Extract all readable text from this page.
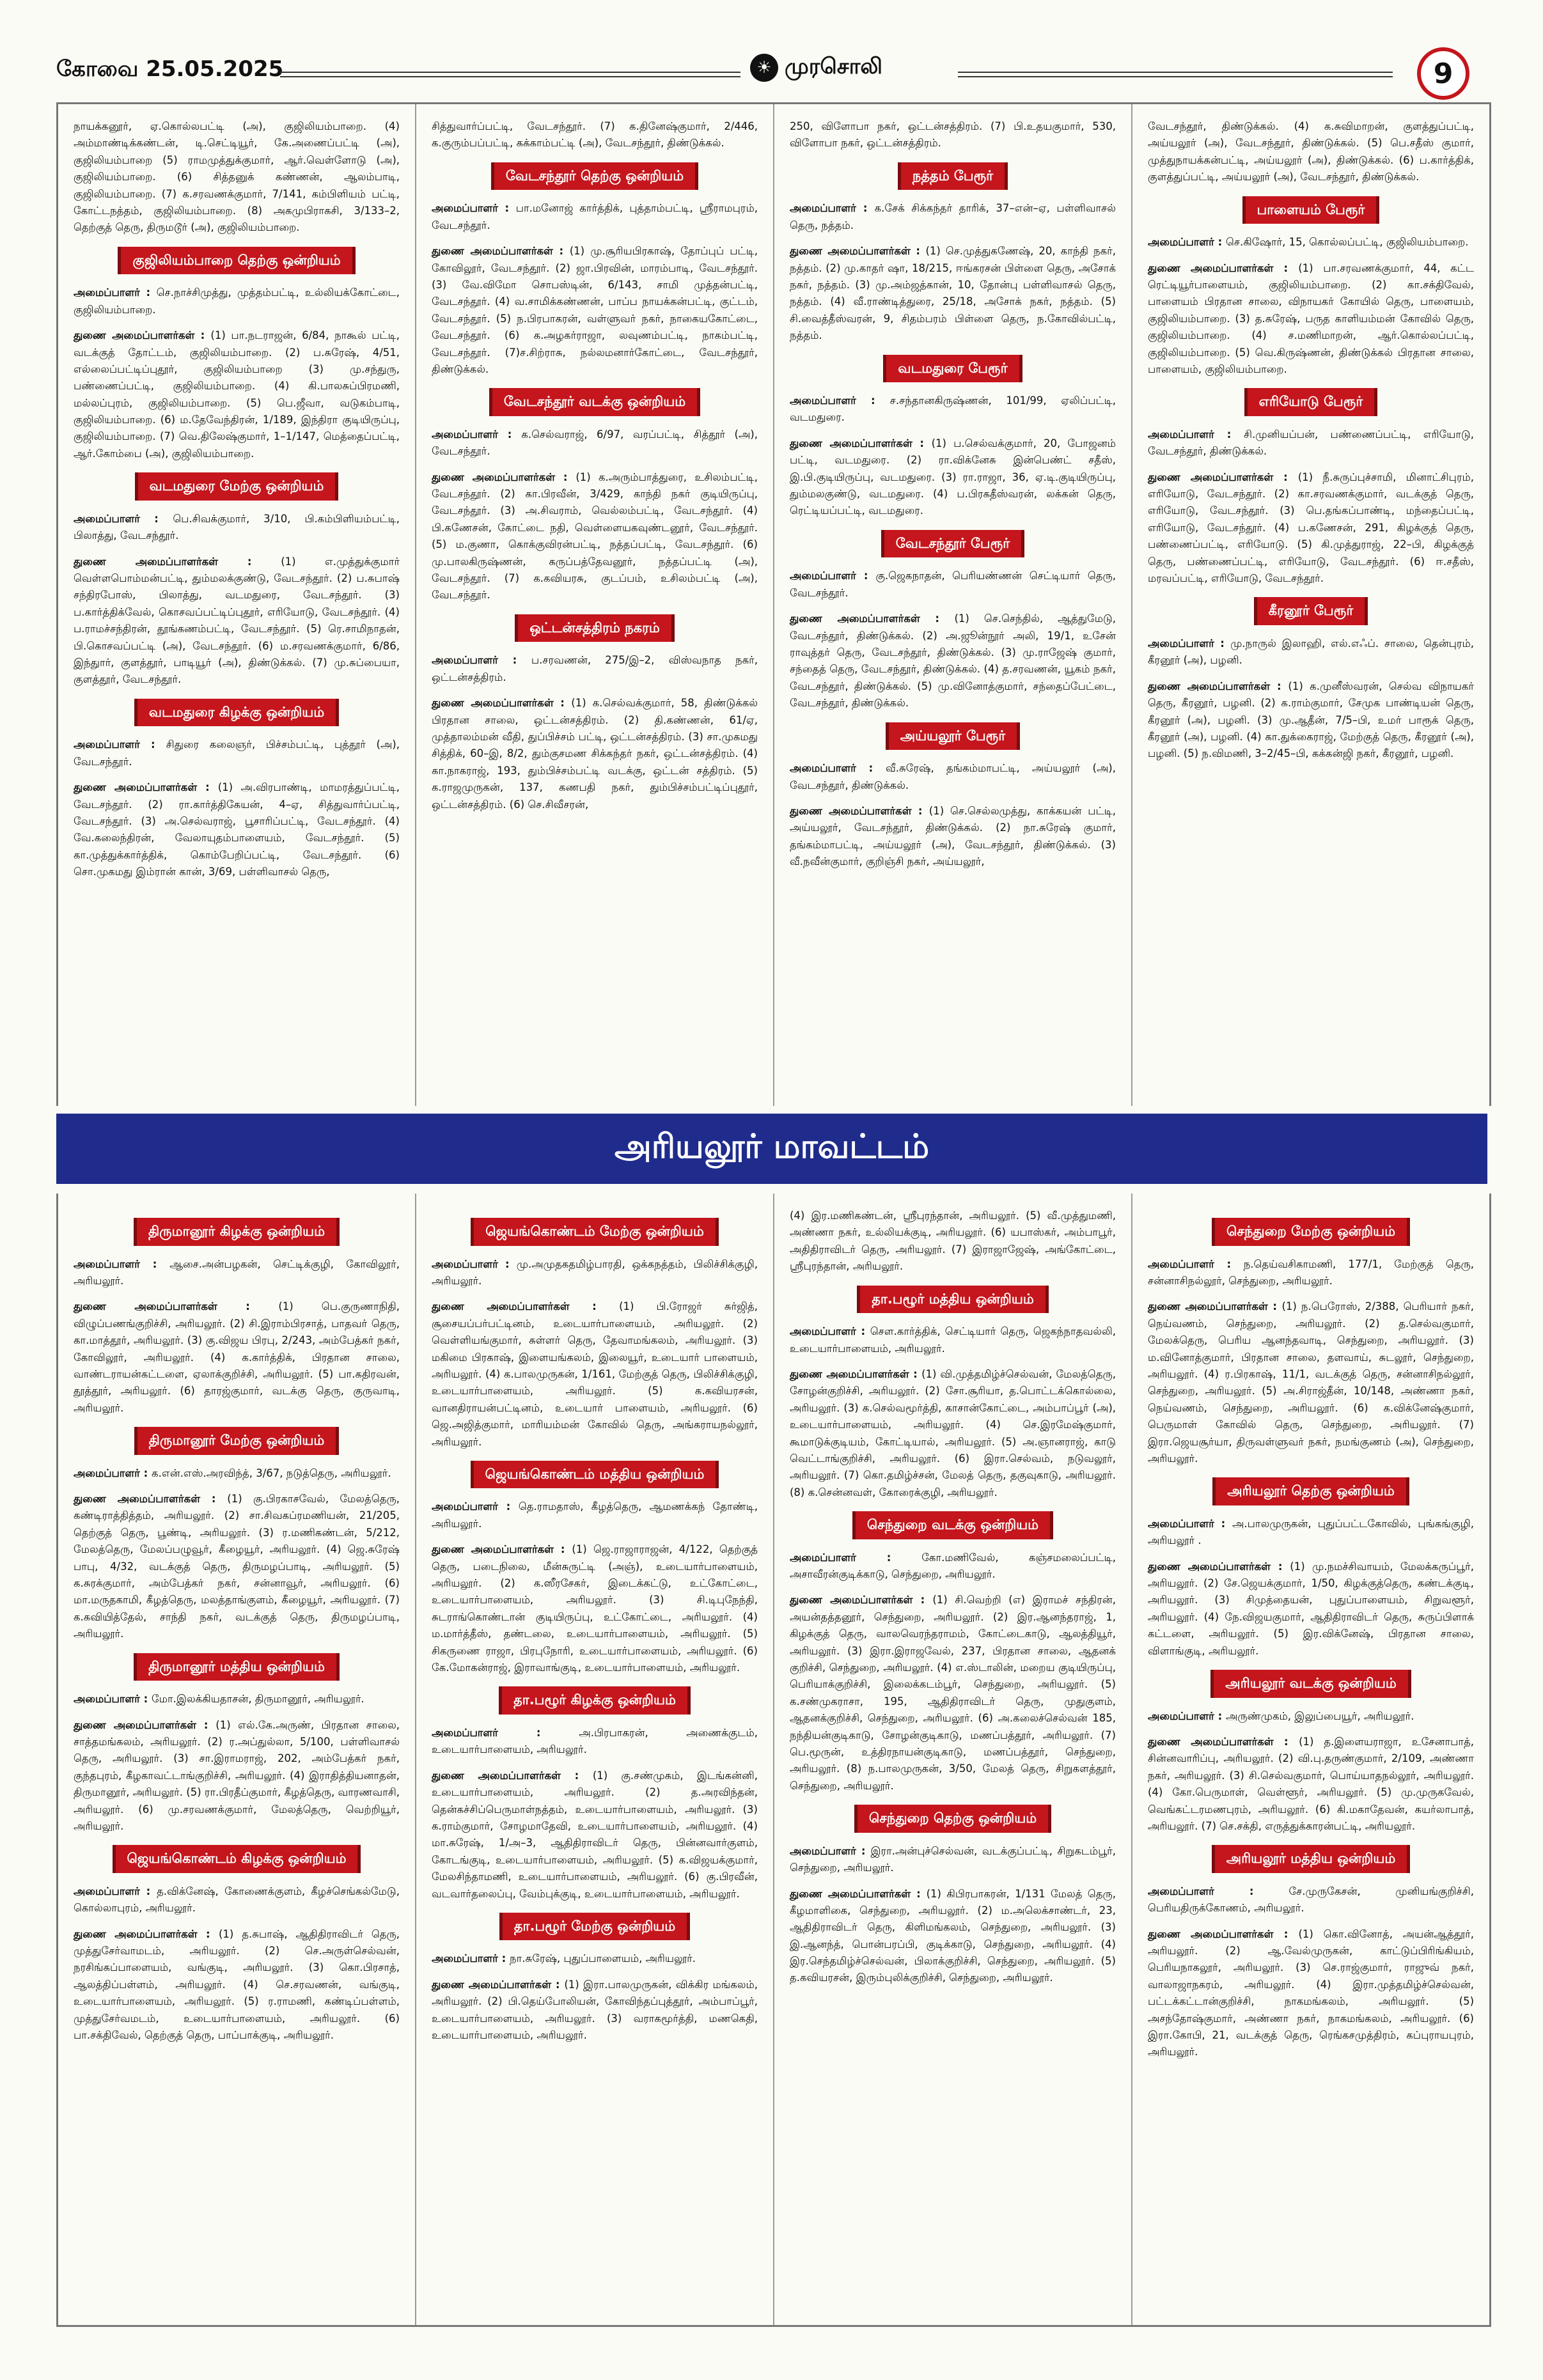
கோவை 25.05.2025	☀ முரசொலி	9

நாயக்கனூர், ஏ.கொல்லபட்டி (அ), குஜிலியம்பாறை. (4) அம்மாண்டிக்கண்டன், டி.செட்டியூர், கே.அணைப்பட்டி (அ), குஜிலியம்பாறை (5) ராமமுத்துக்குமார், ஆர்.வெள்ளோடு (அ), குஜிலியம்பாறை. (6) சித்தனுக் கண்ணன், ஆலம்பாடி, குஜிலியம்பாறை. (7) க.சரவணக்குமார், 7/141, கம்பிளியம் பட்டி, கோட்டநத்தம், குஜிலியம்பாறை. (8) அகமுபிராகசி, 3/133–2, தெற்குத் தெரு, திருமடூர் (அ), குஜிலியம்பாறை.

குஜிலியம்பாறை தெற்கு ஒன்றியம்

அமைப்பாளர் : செ.நாச்சிமுத்து, முத்தம்பட்டி, உல்லியக்கோட்டை, குஜிலியம்பாறை.

துணை அமைப்பாளர்கள் : (1) பா.நடராஜன், 6/84, நாகூல் பட்டி, வடக்குத் தோட்டம், குஜிலியம்பாறை. (2) ப.சுரேஷ், 4/51, எல்லைப்பட்டிப்புதூர், குஜிலியம்பாறை (3) மு.சந்துரு, பண்ணைப்பட்டி, குஜிலியம்பாறை. (4) கி.பாலசுப்பிரமணி, மல்லப்புரம், குஜிலியம்பாறை. (5) பெ.ஜீவா, வடுகம்பாடி, குஜிலியம்பாறை. (6) ம.தேவேந்திரன், 1/189, இந்திரா குடியிருப்பு, குஜிலியம்பாறை. (7) வெ.திலேஷ்குமார், 1–1/147, மெத்தைப்பட்டி, ஆர்.கோம்பை (அ), குஜிலியம்பாறை.

வடமதுரை மேற்கு ஒன்றியம்

அமைப்பாளர் : பெ.சிவக்குமார், 3/10, பி.கம்பிளியம்பட்டி, பிலாத்து, வேடசந்தூர்.

துணை அமைப்பாளர்கள் : (1) எ.முத்துக்குமார் வெள்ளபொம்மன்பட்டி, தும்மலக்குண்டு, வேடசந்தூர். (2) ப.சுபாஷ் சந்திரபோஸ், பிலாத்து, வடமதுரை, வேடசந்தூர். (3) ப.கார்த்திக்வேல், கொசவப்பட்டிப்புதூர், எரியோடு, வேடசந்தூர். (4) ப.ராமச்சந்திரன், தூங்கணம்பட்டி, வேடசந்தூர். (5) ரெ.சாமிநாதன், பி.கொசவப்பட்டி (அ), வேடசந்தூர். (6) ம.சரவணக்குமார், 6/86, இந்துார், குளத்தூர், பாடியூர் (அ), திண்டுக்கல். (7) மு.சுப்பையா, குளத்தூர், வேடசந்தூர்.

வடமதுரை கிழக்கு ஒன்றியம்

அமைப்பாளர் : சிதுரை கலைஞர், பிச்சம்பட்டி, புத்தூர் (அ), வேடசந்தூர்.

துணை அமைப்பாளர்கள் : (1) அ.விரபாண்டி, மாமரத்துப்பட்டி, வேடசந்தூர். (2) ரா.கார்த்திகேயன், 4–ஏ, சித்துவார்ப்பட்டி, வேடசந்தூர். (3) அ.செல்வராஜ், பூசாரிப்பட்டி, வேடசந்தூர். (4) வே.கலைந்திரன், வேலாயுதம்பாளையம், வேடசந்தூர். (5) கா.முத்துக்கார்த்திக், கொம்பேறிப்பட்டி, வேடசந்தூர். (6) சொ.முகமது இம்ரான் கான், 3/69, பள்ளிவாசல் தெரு,

சித்துவார்ப்பட்டி, வேடசந்தூர். (7) க.தினேஷ்குமார், 2/446, க.குரும்பப்பட்டி, கக்காம்பட்டி (அ), வேடசந்தூர், திண்டுக்கல்.

வேடசந்தூர் தெற்கு ஒன்றியம்

அமைப்பாளர் : பா.மனோஜ் கார்த்திக், புத்தாம்பட்டி, ஸ்ரீராமபுரம், வேடசந்தூர்.

துணை அமைப்பாளர்கள் : (1) மு.சூரியபிரகாஷ், தோப்புப் பட்டி, கோவிலூர், வேடசந்தூர். (2) ஜா.பிரவின், மாரம்பாடி, வேடசந்தூர். (3) வே.விமோ சொபஸ்டின், 6/143, சாமி முத்தன்பட்டி, வேடசந்தூர். (4) வ.சாமிக்கண்ணன், பாப்ப நாயக்கன்பட்டி, குட்டம், வேடசந்தூர். (5) ந.பிரபாகரன், வள்ளுவர் நகர், நாகையகோட்டை, வேடசந்தூர். (6) க.அழகர்ராஜா, லவுணம்பட்டி, நாகம்பட்டி, வேடசந்தூர். (7)ச.சிற்ராசு, நல்லமனார்கோட்டை, வேடசந்தூர், திண்டுக்கல்.

வேடசந்தூர் வடக்கு ஒன்றியம்

அமைப்பாளர் : க.செல்வராஜ், 6/97, வரப்பட்டி, சித்தூர் (அ), வேடசந்தூர்.

துணை அமைப்பாளர்கள் : (1) க.அரும்பாத்துரை, உசிலம்பட்டி, வேடசந்தூர். (2) கா.பிரவீன், 3/429, காந்தி நகர் குடியிருப்பு, வேடசந்தூர். (3) அ.சிவராம், வெல்லம்பட்டி, வேடசந்தூர். (4) பி.கணேசன், கோட்டை நதி, வெள்ளையகவுண்டனூர், வேடசந்தூர். (5) ம.குணா, கொக்குவிரன்பட்டி, நத்தப்பட்டி, வேடசந்தூர். (6) மு.பாலகிருஷ்ணன், கருப்பத்தேவனூர், நத்தப்பட்டி (அ), வேடசந்தூர். (7) க.கவியரசு, குடப்பம், உசிலம்பட்டி (அ), வேடசந்தூர்.

ஒட்டன்சத்திரம் நகரம்

அமைப்பாளர் : ப.சரவணன், 275/இ–2, விஸ்வநாத நகர், ஒட்டன்சத்திரம்.

துணை அமைப்பாளர்கள் : (1) க.செல்வக்குமார், 58, திண்டுக்கல் பிரதான சாலை, ஒட்டன்சத்திரம். (2) தி.கண்ணன், 61/ஏ, முத்தாலம்மன் வீதி, துப்பிச்சம் பட்டி, ஒட்டன்சத்திரம். (3) சா.முகமது சித்திக், 60–இ, 8/2, தும்குசமண சிக்கந்தர் நகர், ஒட்டன்சத்திரம். (4) கா.நாகராஜ், 193, தும்பிச்சம்பட்டி வடக்கு, ஒட்டன் சத்திரம். (5) க.ராஜமுருகன், 137, கணபதி நகர், தும்பிச்சம்பட்டிப்புதூர், ஒட்டன்சத்திரம். (6) செ.சிவீசரன்,

250, விளோபா நகர், ஒட்டன்சத்திரம். (7) பி.உதயகுமார், 530, விளோபா நகர், ஒட்டன்சத்திரம்.

நத்தம் பேரூர்

அமைப்பாளர் : க.சேக் சிக்கந்தர் தாரிக், 37–என்–ஏ, பள்ளிவாசல் தெரு, நத்தம்.

துணை அமைப்பாளர்கள் : (1) செ.முத்துகணேஷ், 20, காந்தி நகர், நத்தம். (2) மு.காதர் ஷா, 18/215, ஈங்கரசன் பிள்ளை தெரு, அசோக் நகர், நத்தம். (3) மு.அம்ஜத்கான், 10, தோன்பு பள்ளிவாசல் தெரு, நத்தம். (4) வீ.ராண்டித்துரை, 25/18, அசோக் நகர், நத்தம். (5) சி.வைத்தீஸ்வரன், 9, சிதம்பரம் பிள்ளை தெரு, ந.கோவில்பட்டி, நத்தம்.

வடமதுரை பேரூர்

அமைப்பாளர் : ச.சந்தானகிருஷ்ணன், 101/99, ஏலிப்பட்டி, வடமதுரை.

துணை அமைப்பாளர்கள் : (1) ப.செல்வக்குமார், 20, போஜனம் பட்டி, வடமதுரை. (2) ரா.விக்னேசு இன்பெண்ட் சதீஸ், இ.பி.குடியிருப்பு, வடமதுரை. (3) ரா.ராஜா, 36, ஏ.டி.குடியிருப்பு, தும்மலகுண்டு, வடமதுரை. (4) ப.பிரகதீஸ்வரன், லக்கன் தெரு, ரெட்டியப்பட்டி, வடமதுரை.

வேடசந்தூர் பேரூர்

அமைப்பாளர் : கு.ஜெகநாதன், பெரியண்ணன் செட்டியார் தெரு, வேடசந்தூர்.

துணை அமைப்பாளர்கள் : (1) செ.செந்தில், ஆத்துமேடு, வேடசந்தூர், திண்டுக்கல். (2) அ.ஜூன்நூர் அலி, 19/1, உசேன் ராவுத்தர் தெரு, வேடசந்தூர், திண்டுக்கல். (3) மு.ராஜேஷ் குமார், சந்தைத் தெரு, வேடசந்தூர், திண்டுக்கல். (4) த.சரவணன், யூகம் நகர், வேடசந்தூர், திண்டுக்கல். (5) மு.வினோத்குமார், சந்தைப்பேட்டை, வேடசந்தூர், திண்டுக்கல்.

அய்யலூர் பேரூர்

அமைப்பாளர் : வீ.சுரேஷ், தங்கம்மாபட்டி, அய்யலூர் (அ), வேடசந்தூர், திண்டுக்கல்.

துணை அமைப்பாளர்கள் : (1) செ.செல்லமுத்து, காக்கயன் பட்டி, அய்யலூர், வேடசந்தூர், திண்டுக்கல். (2) நா.சுரேஷ் குமார், தங்கம்மாபட்டி, அய்யலூர் (அ), வேடசந்தூர், திண்டுக்கல். (3) வீ.நவீன்குமார், குறிஞ்சி நகர், அய்யலூர்,

வேடசந்தூர், திண்டுக்கல். (4) க.சுவிமாறன், குளத்துப்பட்டி, அய்யலூர் (அ), வேடசந்தூர், திண்டுக்கல். (5) பெ.சதீஸ் குமார், முத்துநாயக்கன்பட்டி, அய்யலூர் (அ), திண்டுக்கல். (6) ப.கார்த்திக், குளத்துப்பட்டி, அய்யலூர் (அ), வேடசந்தூர், திண்டுக்கல்.

பாளையம் பேரூர்

அமைப்பாளர் : செ.கிஷோர், 15, கொல்லப்பட்டி, குஜிலியம்பாறை.

துணை அமைப்பாளர்கள் : (1) பா.சரவணக்குமார், 44, கட்ட ரெட்டியூர்பாளையம், குஜிலியம்பாறை. (2) கா.சக்திவேல், பாளையம் பிரதான சாலை, விநாயகர் கோயில் தெரு, பாளையம், குஜிலியம்பாறை. (3) த.சுரேஷ், பருத காளியம்மன் கோவில் தெரு, குஜிலியம்பாறை. (4) ச.மணிமாறன், ஆர்.கொல்லப்பட்டி, குஜிலியம்பாறை. (5) வெ.கிருஷ்ணன், திண்டுக்கல் பிரதான சாலை, பாளையம், குஜிலியம்பாறை.

எரியோடு பேரூர்

அமைப்பாளர் : சி.முனியப்பன், பண்ணைப்பட்டி, எரியோடு, வேடசந்தூர், திண்டுக்கல்.

துணை அமைப்பாளர்கள் : (1) நீ.சுருப்புச்சாமி, மினாட்சிபுரம், எரியோடு, வேடசந்தூர். (2) கா.சரவணக்குமார், வடக்குத் தெரு, எரியோடு, வேடசந்தூர். (3) பெ.தங்கப்பாண்டி, மந்தைப்பட்டி, எரியோடு, வேடசந்தூர். (4) ப.கணேசன், 291, கிழக்குத் தெரு, பண்ணைப்பட்டி, எரியோடு. (5) கி.முத்துராஜ், 22–பி, கிழக்குத் தெரு, பண்ணைப்பட்டி, எரியோடு, வேடசந்தூர். (6) ஈ.சதீஸ், மரவப்பட்டி, எரியோடு, வேடசந்தூர்.

கீரனூர் பேரூர்

அமைப்பாளர் : மு.நாருல் இலாஹி, எல்.எஃப். சாலை, தென்புரம், கீரனூர் (அ), பழனி.

துணை அமைப்பாளர்கள் : (1) க.முனீஸ்வரன், செல்வ விநாயகர் தெரு, கீரனூர், பழனி. (2) க.ராம்குமார், சேமுக பாண்டியன் தெரு, கீரனூர் (அ), பழனி. (3) மு.ஆதீன், 7/5–பி, உமர் பாரூக் தெரு, கீரனூர் (அ), பழனி. (4) கா.துக்கைராஜ், மேற்குத் தெரு, கீரனூர் (அ), பழனி. (5) ந.விமணி, 3–2/45–பி, கக்கன்ஜி நகர், கீரனூர், பழனி.

அரியலூர் மாவட்டம்
திருமானூர் கிழக்கு ஒன்றியம்

அமைப்பாளர் : ஆசை.அன்பழகன், செட்டிக்குழி, கோவிலூர், அரியலூர்.

துணை அமைப்பாளர்கள் : (1) பெ.குருணாநிதி, விழுப்பணங்குறிச்சி, அரியலூர். (2) சி.இராம்பிரசாத், பாதவர் தெரு, கா.மாத்தூர், அரியலூர். (3) கு.விஜய பிரபு, 2/243, அம்பேத்கர் நகர், கோவிலூர், அரியலூர். (4) க.கார்த்திக், பிரதான சாலை, வாண்டராயன்கட்டளை, ஏலாக்குறிச்சி, அரியலூர். (5) பா.கதிரவன், தூத்தூர், அரியலூர். (6) தாரஜ்குமார், வடக்கு தெரு, குருவாடி, அரியலூர்.

திருமானூர் மேற்கு ஒன்றியம்

அமைப்பாளர் : க.என்.எஸ்.அரவிந்த், 3/67, நடுத்தெரு, அரியலூர்.

துணை அமைப்பாளர்கள் : (1) கு.பிரகாசவேல், மேலத்தெரு, கண்டிராத்தித்தம், அரியலூர். (2) சா.சிவகப்ரமணியன், 21/205, தெற்குத் தெரு, பூண்டி, அரியலூர். (3) ர.மணிகண்டன், 5/212, மேலத்தெரு, மேலப்பழுவூர், கீழையூர், அரியலூர். (4) ஜெ.சுரேஷ் பாபு, 4/32, வடக்குத் தெரு, திருமழப்பாடி, அரியலூர். (5) க.சுரக்குமார், அம்பேத்கர் நகர், சன்னாவூர், அரியலூர். (6) மா.மருதகாமி, கீழத்தெரு, மலத்தாங்குளம், கீழையூர், அரியலூர். (7) க.கவியித்தேல், சாந்தி நகர், வடக்குத் தெரு, திருமழப்பாடி, அரியலூர்.

திருமானூர் மத்திய ஒன்றியம்

அமைப்பாளர் : மோ.இலக்கியதாசன், திருமானூர், அரியலூர்.

துணை அமைப்பாளர்கள் : (1) எல்.கே.அருண், பிரதான சாலை, சாத்தமங்கலம், அரியலூர். (2) ர.அப்துல்லா, 5/100, பள்ளிவாசல் தெரு, அரியலூர். (3) சா.இராமராஜ், 202, அம்பேத்கர் நகர், குந்தபுரம், கீழகாவட்டாங்குறிச்சி, அரியலூர். (4) இராதித்தியனாதன், திருமானூர், அரியலூர். (5) ரா.பிரதீப்குமார், கீழத்தெரு, வாரணவாசி, அரியலூர். (6) மு.சரவணக்குமார், மேலத்தெரு, வெற்றியூர், அரியலூர்.

ஜெயங்கொண்டம் கிழக்கு ஒன்றியம்

அமைப்பாளர் : த.விக்னேஷ், கோணைக்குளம், கீழச்செங்கல்மேடு, கொல்லாபுரம், அரியலூர்.

துணை அமைப்பாளர்கள் : (1) த.சுபாஷ், ஆதிதிராவிடர் தெரு, முத்துசேர்வாமடம், அரியலூர். (2) செ.அருள்செல்வன், நரசிங்கப்பாளையம், வங்குடி, அரியலூர். (3) கொ.பிரசாத், ஆலத்திப்பள்ளம், அரியலூர். (4) செ.சரவணன், வங்குடி, உடையார்பாளையம், அரியலூர். (5) ர.ராமணி, கண்டிப்பள்ளம், முத்துசேர்வமடம், உடையார்பாளையம், அரியலூர். (6) பா.சக்திவேல், தெற்குத் தெரு, பாப்பாக்குடி, அரியலூர்.

ஜெயங்கொண்டம் மேற்கு ஒன்றியம்

அமைப்பாளர் : மு.அமுதகதமிழ்பாரதி, ஒக்கநத்தம், பிலிச்சிக்குழி, அரியலூர்.

துணை அமைப்பாளர்கள் : (1) பி.ரோஜர் சுர்ஜித், சூசையப்பர்பட்டினம், உடையார்பாளையம், அரியலூர். (2) வெள்ளியங்குமார், சுள்ளர் தெரு, தேவாமங்கலம், அரியலூர். (3) மகிமை பிரகாஷ், இளையங்கலம், இலையூர், உடையார் பாளையம், அரியலூர். (4) க.பாலமுருகன், 1/161, மேற்குத் தெரு, பிலிச்சிக்குழி, உடையார்பாளையம், அரியலூர். (5) க.கவியரசன், வானதிராயன்பட்டினம், உடையார் பாளையம், அரியலூர். (6) ஜெ.அஜித்குமார், மாரியம்மன் கோவில் தெரு, அங்கராயநல்லூர், அரியலூர்.

ஜெயங்கொண்டம் மத்திய ஒன்றியம்

அமைப்பாளர் : தெ.ராமதாஸ், கீழத்தெரு, ஆமணக்கந் தோண்டி, அரியலூர்.

துணை அமைப்பாளர்கள் : (1) ஜெ.ராஜாராஜன், 4/122, தெற்குத் தெரு, படைநிலை, மீன்சுருட்டி (அஞ்), உடையார்பாளையம், அரியலூர். (2) க.ஸீரசேகர், இடைக்கட்டு, உட்கோட்டை, உடையார்பாளையம், அரியலூர். (3) சி.டிபுநேந்தி, சுடராங்கொண்டான் குடியிருப்பு, உட்கோட்டை, அரியலூர். (4) ம.மார்த்தீஸ், தண்டலை, உடையார்பாளையம், அரியலூர். (5) சிகருணை ராஜா, பிரபுநோரி, உடையார்பாளையம், அரியலூர். (6) கே.மோகன்ராஜ், இராவாங்குடி, உடையார்பாளையம், அரியலூர்.

தா.பழூர் கிழக்கு ஒன்றியம்

அமைப்பாளர் : அ.பிரபாகரன், அணைக்குடம், உடையார்பாளையம், அரியலூர்.

துணை அமைப்பாளர்கள் : (1) கு.சண்முகம், இடங்கன்னி, உடையார்பாளையம், அரியலூர். (2) த.அரவிந்தன், தென்கச்சிப்பெருமாள்நத்தம், உடையார்பாளையம், அரியலூர். (3) க.ராம்குமார், சோழமாதேவி, உடையார்பாளையம், அரியலூர். (4) மா.சுரேஷ், 1/அ–3, ஆதிதிராவிடர் தெரு, பின்னவார்குளம், கோடங்குடி, உடையார்பாளையம், அரியலூர். (5) க.விஜயக்குமார், மேலசிந்தாமணி, உடையார்பாளையம், அரியலூர். (6) கு.பிரவீன், வடவார்தலைப்பு, வேம்புக்குடி, உடையார்பாளையம், அரியலூர்.

தா.பழூர் மேற்கு ஒன்றியம்

அமைப்பாளர் : நா.சுரேஷ், புதுப்பாளையம், அரியலூர்.

துணை அமைப்பாளர்கள் : (1) இரா.பாலமுருகன், விக்கிர மங்கலம், அரியலூர். (2) பி.தெய்போலியன், கோவிந்தப்புத்தூர், அம்பாப்பூர், உடையார்பாளையம், அரியலூர். (3) வராகமூர்த்தி, மணகெதி, உடையார்பாளையம், அரியலூர்.

(4) இர.மணிகண்டன், ஸ்ரீபுரந்தான், அரியலூர். (5) வீ.முத்துமணி, அண்ணா நகர், உல்லியக்குடி, அரியலூர். (6) யபாஸ்கர், அம்பாபூர், அதிதிராவிடர் தெரு, அரியலூர். (7) இராஜாஜேஷ், அங்கோட்டை, ஸ்ரீபுரந்தான், அரியலூர்.

தா.பழூர் மத்திய ஒன்றியம்

அமைப்பாளர் : செள.கார்த்திக், செட்டியார் தெரு, ஜெகந்நாதவல்லி, உடையார்பாளையம், அரியலூர்.

துணை அமைப்பாளர்கள் : (1) வி.முத்தமிழ்ச்செல்வன், மேலத்தெரு, சோழன்குறிச்சி, அரியலூர். (2) சோ.சூரியா, த.பொட்டக்கொல்லை, அரியலூர். (3) க.செல்வமூர்த்தி, காசான்கோட்டை, அம்பாப்பூர் (அ), உடையார்பாளையம், அரியலூர். (4) செ.இரமேஷ்குமார், கூமாடுக்குடியம், கோட்டியால், அரியலூர். (5) அ.ஞானராஜ், காடு வெட்டாங்குறிச்சி, அரியலூர். (6) இரா.செல்வம், நடுவலூர், அரியலூர். (7) கொ.தமிழ்ச்சன், மேலத் தெரு, தகுவுகாடு, அரியலூர். (8) க.சென்னவள், கோரைக்குழி, அரியலூர்.

செந்துறை வடக்கு ஒன்றியம்

அமைப்பாளர் : கோ.மணிவேல், கஞ்சமலைப்பட்டி, அசாவீரன்குடிக்காடு, செந்துறை, அரியலூர்.

துணை அமைப்பாளர்கள் : (1) சி.வெற்றி (எ) இராமச் சந்திரன், அயன்தத்தனூர், செந்துறை, அரியலூர். (2) இர.ஆனந்தராஜ், 1, கிழக்குத் தெரு, வாலவெரந்தராமம், கோட்டைகாடு, ஆலத்தியூர், அரியலூர். (3) இரா.இராஜவேல், 237, பிரதான சாலை, ஆதனக் குறிச்சி, செந்துறை, அரியலூர். (4) எ.ஸ்டாலின், மறைய குடியிருப்பு, பெரியாக்குறிச்சி, இலைக்கடம்பூர், செந்துறை, அரியலூர். (5) க.சண்முகராசா, 195, ஆதிதிராவிடர் தெரு, முதுகுளம், ஆதனக்குறிச்சி, செந்துறை, அரியலூர். (6) அ.கலைச்செல்வன் 185, நந்தியன்குடிகாடு, சோழன்குடிகாடு, மணப்பத்தூர், அரியலூர். (7) பெ.மூருன், உத்திரநாயன்குடிகாடு, மணப்பத்தூர், செந்துறை, அரியலூர். (8) ந.பாலமுருகன், 3/50, மேலத் தெரு, சிறுகளத்தூர், செந்துறை, அரியலூர்.

செந்துறை தெற்கு ஒன்றியம்

அமைப்பாளர் : இரா.அன்புச்செல்வன், வடக்குப்பட்டி, சிறுகடம்பூர், செந்துறை, அரியலூர்.

துணை அமைப்பாளர்கள் : (1) கிபிரபாகரன், 1/131 மேலத் தெரு, கீழமாளிகை, செந்துறை, அரியலூர். (2) ம.அலெக்சாண்டர், 23, ஆதிதிராவிடர் தெரு, கிளிமங்கலம், செந்துறை, அரியலூர். (3) இ.ஆனந்த், பொன்பரப்பி, குடிக்காடு, செந்துறை, அரியலூர். (4) இர.செந்தமிழ்ச்செல்வன், பிலாக்குறிச்சி, செந்துறை, அரியலூர். (5) த.கவியரசன், இரும்புலிக்குறிச்சி, செந்துறை, அரியலூர்.

செந்துறை மேற்கு ஒன்றியம்

அமைப்பாளர் : ந.தெய்வசிகாமணி, 177/1, மேற்குத் தெரு, சன்னாசிநல்லூர், செந்துறை, அரியலூர்.

துணை அமைப்பாளர்கள் : (1) ந.பெரோஸ், 2/388, பெரியார் நகர், நெய்வணம், செந்துறை, அரியலூர். (2) த.செல்வகுமார், மேலக்தெரு, பெரிய ஆனந்தவாடி, செந்துறை, அரியலூர். (3) ம.வினோத்குமார், பிரதான சாலை, தளவாய், சுடலூர், செந்துறை, அரியலூர். (4) ர.பிரகாஷ், 11/1, வடக்குத் தெரு, சன்னாசிநல்லூர், செந்துறை, அரியலூர். (5) அ.சிராஜ்தீன், 10/148, அண்ணா நகர், நெய்வணம், செந்துறை, அரியலூர். (6) க.விக்னேஷ்குமார், பெருமாள் கோவில் தெரு, செந்துறை, அரியலூர். (7) இரா.ஜெயசூர்யா, திருவள்ளுவர் நகர், நமங்குணம் (அ), செந்துறை, அரியலூர்.

அரியலூர் தெற்கு ஒன்றியம்

அமைப்பாளர் : அ.பாலமுருகன், புதுப்பட்டகோவில், புங்கங்குழி, அரியலூர் .

துணை அமைப்பாளர்கள் : (1) மு.நமச்சிவாயம், மேலக்கருப்பூர், அரியலூர். (2) சே.ஜெயக்குமார், 1/50, கிழக்குத்தெரு, கண்டக்குடி, அரியலூர். (3) சிமுத்தையன், புதுப்பாளையம், சிறுவளூர், அரியலூர். (4) நே.விஜயகுமார், ஆதிதிராவிடர் தெரு, சுருப்பிளாக் கட்டளை, அரியலூர். (5) இர.விக்னேஷ், பிரதான சாலை, விளாங்குடி, அரியலூர்.

அரியலூர் வடக்கு ஒன்றியம்

அமைப்பாளர் : அருண்முகம், இலுப்பையூர், அரியலூர்.

துணை அமைப்பாளர்கள் : (1) த.இளையராஜா, உசேனாபாத், சின்னவாரிப்பு, அரியலூர். (2) வி.பு.தருண்குமார், 2/109, அண்ணா நகர், அரியலூர். (3) சி.செல்வகுமார், பொய்யாதநல்லூர், அரியலூர். (4) கோ.பெருமாள், வெள்ளூர், அரியலூர். (5) மு.முருகவேல், வெங்கட்டரமணபுரம், அரியலூர். (6) கி.மகாதேவன், கயர்லாபாத், அரியலூர். (7) செ.சக்தி, எருத்துக்காரன்பட்டி, அரியலூர்.

அரியலூர் மத்திய ஒன்றியம்

அமைப்பாளர் : சே.முருகேசன், முனியங்குறிச்சி, பெரியதிருக்கோணம், அரியலூர்.

துணை அமைப்பாளர்கள் : (1) கொ.வினோத், அயன்ஆத்தூர், அரியலூர். (2) ஆ.வேல்முருகன், காட்டுப்பிரிங்கியம், பெரியநாகலூர், அரியலூர். (3) செ.ராஜ்குமார், ராஜுவ் நகர், வாலாஜாநகரம், அரியலூர். (4) இரா.முத்தமிழ்ச்செல்வன், பட்டக்கட்டான்குறிச்சி, நாகமங்கலம், அரியலூர். (5) அசந்தோஷ்குமார், அண்ணா நகர், நாகமங்கலம், அரியலூர். (6) இரா.கோபி, 21, வடக்குத் தெரு, ரெங்கசமுத்திரம், கப்புராயபுரம், அரியலூர்.
